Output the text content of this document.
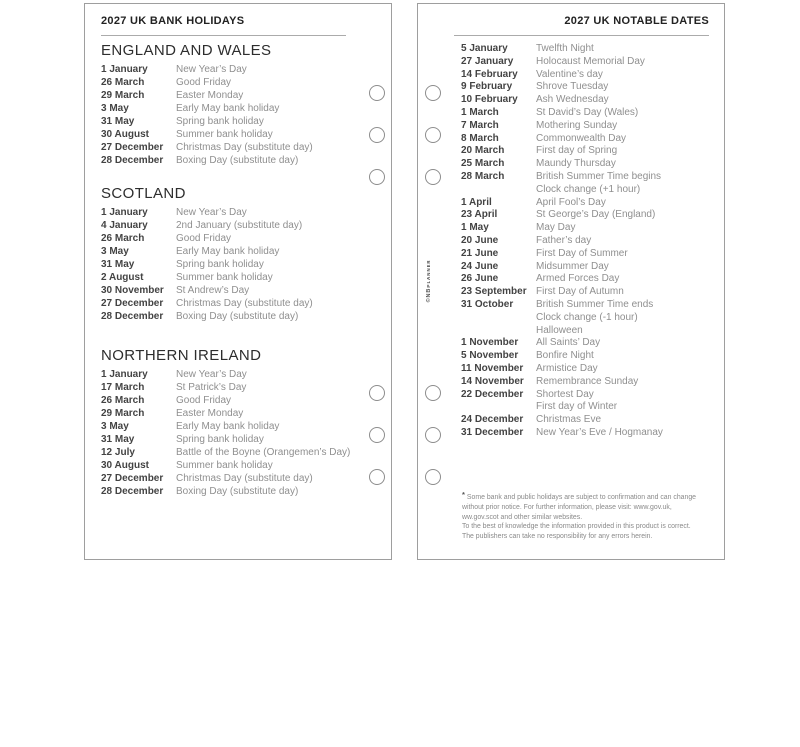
2027 UK BANK HOLIDAYS
ENGLAND AND WALES
1 January	New Year’s Day
26 March	Good Friday
29 March	Easter Monday
3 May	Early May bank holiday
31 May	Spring bank holiday
30 August	Summer bank holiday
27 December	Christmas Day (substitute day)
28 December	Boxing Day (substitute day)
SCOTLAND
1 January	New Year’s Day
4 January	2nd January (substitute day)
26 March	Good Friday
3 May	Early May bank holiday
31 May	Spring bank holiday
2 August	Summer bank holiday
30 November	St Andrew’s Day
27 December	Christmas Day (substitute day)
28 December	Boxing Day (substitute day)
NORTHERN IRELAND
1 January	New Year’s Day
17 March	St Patrick’s Day
26 March	Good Friday
29 March	Easter Monday
3 May	Early May bank holiday
31 May	Spring bank holiday
12 July	Battle of the Boyne (Orangemen’s Day)
30 August	Summer bank holiday
27 December	Christmas Day (substitute day)
28 December	Boxing Day (substitute day)
2027 UK NOTABLE DATES
5 January	Twelfth Night
27 January	Holocaust Memorial Day
14 February	Valentine’s day
9 February	Shrove Tuesday
10 February	Ash Wednesday
1 March	St David’s Day (Wales)
7 March	Mothering Sunday
8 March	Commonwealth Day
20 March	First day of Spring
25 March	Maundy Thursday
28 March	British Summer Time begins
Clock change (+1 hour)
1 April	April Fool’s Day
23 April	St George’s Day (England)
1 May	May Day
20 June	Father’s day
21 June	First Day of Summer
24 June	Midsummer Day
26 June	Armed Forces Day
23 September First Day of Autumn
31 October	British Summer Time ends
Clock change (-1 hour)
Halloween
1 November	All Saints’ Day
5 November	Bonfire Night
11 November	Armistice Day
14 November	Remembrance Sunday
22 December	Shortest Day
First day of Winter
24 December	Christmas Eve
31 December	New Year’s Eve / Hogmanay
©NBᴘʟᴀɴɴᴇʀ
* Some bank and public holidays are subject to confirmation and can change
without prior notice. For further information, please visit: www.gov.uk,
ww.gov.scot and other similar websites.
To the best of knowledge the information provided in this product is correct.
The publishers can take no responsibility for any errors herein.
